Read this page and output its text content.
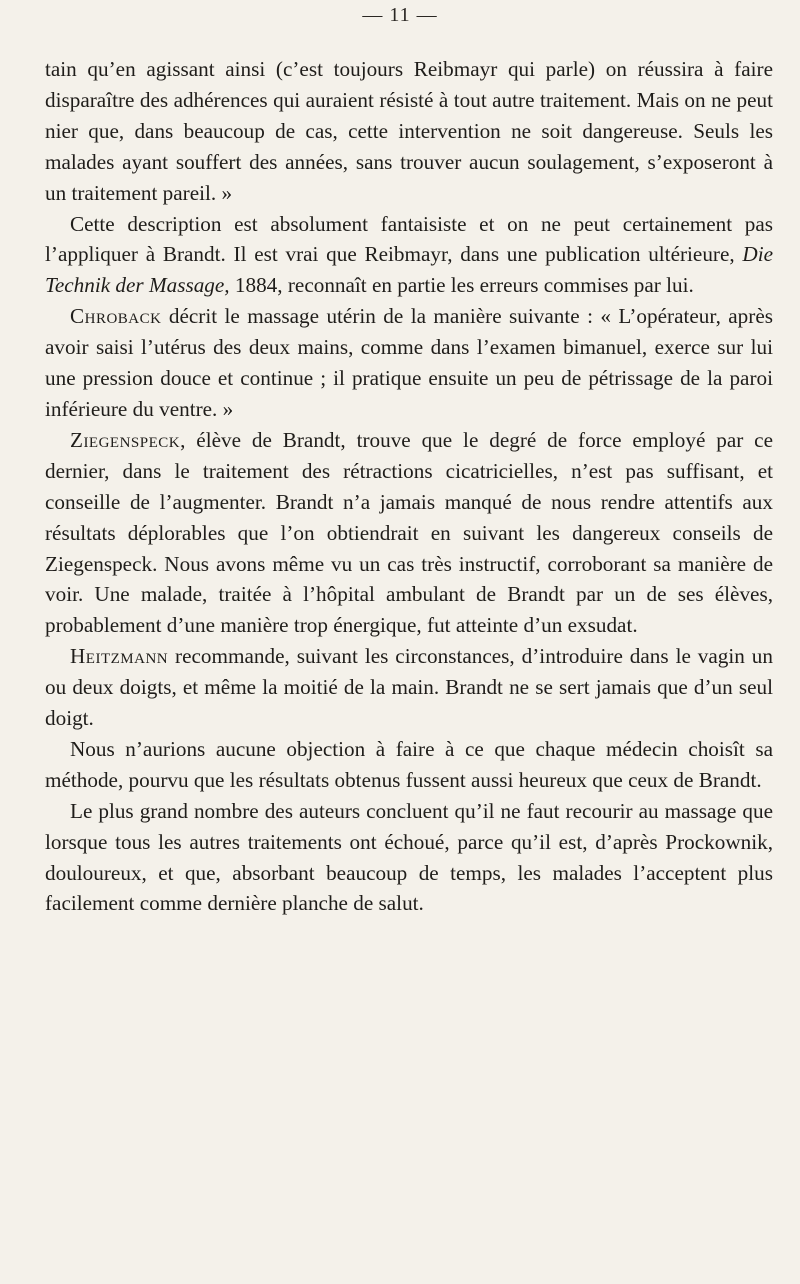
— 11 —

tain qu’en agissant ainsi (c’est toujours Reibmayr qui parle) on réussira à faire disparaître des adhérences qui auraient résisté à tout autre traitement. Mais on ne peut nier que, dans beaucoup de cas, cette intervention ne soit dangereuse. Seuls les malades ayant souffert des années, sans trouver aucun soulagement, s’exposeront à un traitement pareil. »

Cette description est absolument fantaisiste et on ne peut certainement pas l’appliquer à Brandt. Il est vrai que Reibmayr, dans une publication ultérieure, Die Technik der Massage, 1884, reconnaît en partie les erreurs commises par lui.

Chroback décrit le massage utérin de la manière suivante : « L’opérateur, après avoir saisi l’utérus des deux mains, comme dans l’examen bimanuel, exerce sur lui une pression douce et continue ; il pratique ensuite un peu de pétrissage de la paroi inférieure du ventre. »

Ziegenspeck, élève de Brandt, trouve que le degré de force employé par ce dernier, dans le traitement des rétractions cicatricielles, n’est pas suffisant, et conseille de l’augmenter. Brandt n’a jamais manqué de nous rendre attentifs aux résultats déplorables que l’on obtiendrait en suivant les dangereux conseils de Ziegenspeck. Nous avons même vu un cas très instructif, corroborant sa manière de voir. Une malade, traitée à l’hôpital ambulant de Brandt par un de ses élèves, probablement d’une manière trop énergique, fut atteinte d’un exsudat.

Heitzmann recommande, suivant les circonstances, d’introduire dans le vagin un ou deux doigts, et même la moitié de la main. Brandt ne se sert jamais que d’un seul doigt.

Nous n’aurions aucune objection à faire à ce que chaque médecin choisît sa méthode, pourvu que les résultats obtenus fussent aussi heureux que ceux de Brandt.

Le plus grand nombre des auteurs concluent qu’il ne faut recourir au massage que lorsque tous les autres traitements ont échoué, parce qu’il est, d’après Prockownik, douloureux, et que, absorbant beaucoup de temps, les malades l’acceptent plus facilement comme dernière planche de salut.
